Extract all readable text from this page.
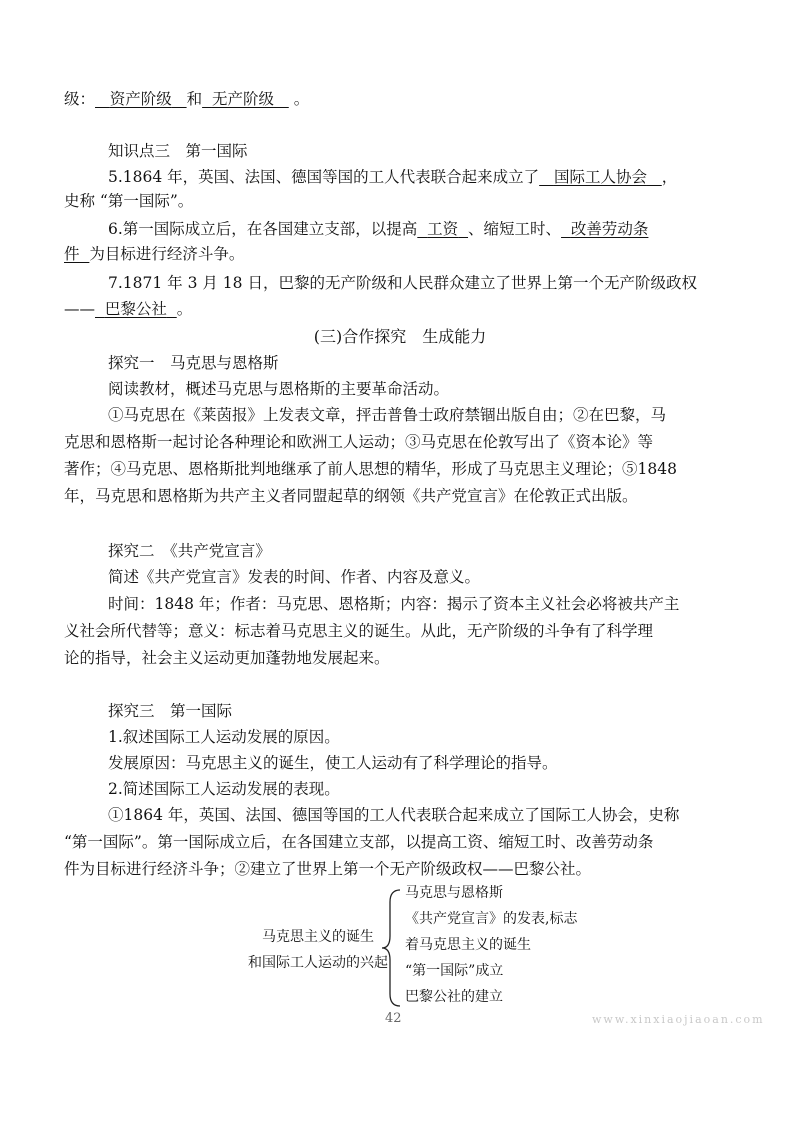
级： 资产阶级 和 无产阶级 。
知识点三　第一国际
5.1864 年，英国、法国、德国等国的工人代表联合起来成立了 国际工人协会 ，
史称 “第一国际”。
6.第一国际成立后，在各国建立支部，以提高 工资 、缩短工时、 改善劳动条
件 为目标进行经济斗争。
7.1871 年 3 月 18 日，巴黎的无产阶级和人民群众建立了世界上第一个无产阶级政权
—— 巴黎公社 。
(三)合作探究　生成能力
探究一　马克思与恩格斯
阅读教材，概述马克思与恩格斯的主要革命活动。
①马克思在《莱茵报》上发表文章，抨击普鲁士政府禁锢出版自由；②在巴黎，马
克思和恩格斯一起讨论各种理论和欧洲工人运动；③马克思在伦敦写出了《资本论》等
著作；④马克思、恩格斯批判地继承了前人思想的精华，形成了马克思主义理论；⑤1848
年，马克思和恩格斯为共产主义者同盟起草的纲领《共产党宣言》在伦敦正式出版。
探究二　《共产党宣言》
简述《共产党宣言》发表的时间、作者、内容及意义。
时间：1848 年；作者：马克思、恩格斯；内容：揭示了资本主义社会必将被共产主
义社会所代替等；意义：标志着马克思主义的诞生。从此，无产阶级的斗争有了科学理
论的指导，社会主义运动更加蓬勃地发展起来。
探究三　第一国际
1.叙述国际工人运动发展的原因。
发展原因：马克思主义的诞生，使工人运动有了科学理论的指导。
2.简述国际工人运动发展的表现。
①1864 年，英国、法国、德国等国的工人代表联合起来成立了国际工人协会，史称
“第一国际”。第一国际成立后，在各国建立支部，以提高工资、缩短工时、改善劳动条
件为目标进行经济斗争；②建立了世界上第一个无产阶级政权——巴黎公社。
马克思主义的诞生
和国际工人运动的兴起
马克思与恩格斯
《共产党宣言》的发表,标志
着马克思主义的诞生
“第一国际”成立
巴黎公社的建立
42	www.xinxiaojiaoan.com
